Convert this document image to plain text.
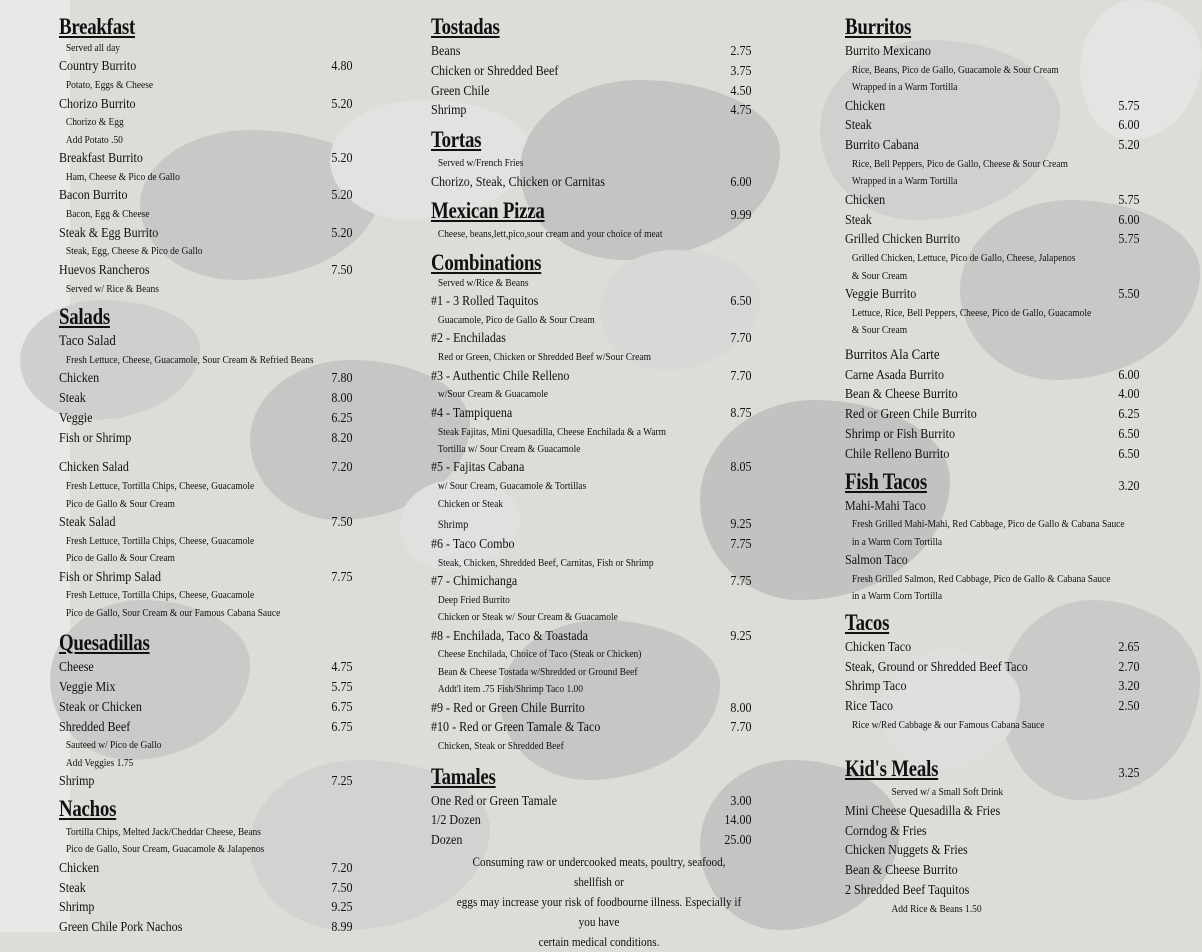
Breakfast
Served all day
Country Burrito	4.80
Potato, Eggs & Cheese
Chorizo Burrito	5.20
Chorizo & Egg
Add Potato .50
Breakfast Burrito	5.20
Ham, Cheese & Pico de Gallo
Bacon Burrito	5.20
Bacon, Egg & Cheese
Steak & Egg Burrito	5.20
Steak, Egg, Cheese & Pico de Gallo
Huevos Rancheros	7.50
Served w/ Rice & Beans
Salads
Taco Salad
Fresh Lettuce, Cheese, Guacamole, Sour Cream & Refried Beans
Chicken	7.80
Steak	8.00
Veggie	6.25
Fish or Shrimp	8.20
Chicken Salad	7.20
Fresh Lettuce, Tortilla Chips, Cheese, Guacamole
Pico de Gallo & Sour Cream
Steak Salad	7.50
Fresh Lettuce, Tortilla Chips, Cheese, Guacamole
Pico de Gallo & Sour Cream
Fish or Shrimp Salad	7.75
Fresh Lettuce, Tortilla Chips, Cheese, Guacamole
Pico de Gallo, Sour Cream & our Famous Cabana Sauce
Quesadillas
Cheese	4.75
Veggie Mix	5.75
Steak or Chicken	6.75
Shredded Beef	6.75
Sauteed w/ Pico de Gallo
Add Veggies 1.75
Shrimp	7.25
Nachos
Tortilla Chips, Melted Jack/Cheddar Cheese, Beans
Pico de Gallo, Sour Cream, Guacamole & Jalapenos
Chicken	7.20
Steak	7.50
Shrimp	9.25
Green Chile Pork Nachos	8.99
Tostadas
Beans	2.75
Chicken or Shredded Beef	3.75
Green Chile	4.50
Shrimp	4.75
Tortas
Served w/French Fries
Chorizo, Steak, Chicken or Carnitas	6.00
Mexican Pizza	9.99
Cheese, beans,lett,pico,sour cream and your choice of meat
Combinations
Served w/Rice & Beans
#1 - 3 Rolled Taquitos	6.50
Guacamole, Pico de Gallo & Sour Cream
#2 - Enchiladas	7.70
Red or Green, Chicken or Shredded Beef w/Sour Cream
#3 - Authentic Chile Relleno	7.70
w/Sour Cream & Guacamole
#4 - Tampiquena	8.75
Steak Fajitas, Mini Quesadilla, Cheese Enchilada & a Warm
Tortilla w/ Sour Cream & Guacamole
#5 - Fajitas Cabana	8.05
w/ Sour Cream, Guacamole & Tortillas
Chicken or Steak
Shrimp	9.25
#6 - Taco Combo	7.75
Steak, Chicken, Shredded Beef, Carnitas, Fish or Shrimp
#7 - Chimichanga	7.75
Deep Fried Burrito
Chicken or Steak w/ Sour Cream & Guacamole
#8 - Enchilada, Taco & Toastada	9.25
Cheese Enchilada, Choice of Taco (Steak or Chicken)
Bean & Cheese Tostada w/Shredded or Ground Beef
Addt'l item .75 Fish/Shrimp Taco 1.00
#9 - Red or Green Chile Burrito	8.00
#10 - Red or Green Tamale & Taco	7.70
Chicken, Steak or Shredded Beef
Tamales
One Red or Green Tamale	3.00
1/2 Dozen	14.00
Dozen	25.00
Consuming raw or undercooked meats, poultry, seafood, shellfish or
eggs may increase your risk of foodbourne illness. Especially if you have
certain medical conditions.
Burritos
Burrito Mexicano
Rice, Beans, Pico de Gallo, Guacamole & Sour Cream
Wrapped in a Warm Tortilla
Chicken	5.75
Steak	6.00
Burrito Cabana	5.20
Rice, Bell Peppers, Pico de Gallo, Cheese & Sour Cream
Wrapped in a Warm Tortilla
Chicken	5.75
Steak	6.00
Grilled Chicken Burrito	5.75
Grilled Chicken, Lettuce, Pico de Gallo, Cheese, Jalapenos
& Sour Cream
Veggie Burrito	5.50
Lettuce, Rice, Bell Peppers, Cheese, Pico de Gallo, Guacamole
& Sour Cream
Burritos Ala Carte
Carne Asada Burrito	6.00
Bean & Cheese Burrito	4.00
Red or Green Chile Burrito	6.25
Shrimp or Fish Burrito	6.50
Chile Relleno Burrito	6.50
Fish Tacos	3.20
Mahi-Mahi Taco
Fresh Grilled Mahi-Mahi, Red Cabbage, Pico de Gallo & Cabana Sauce
in a Warm Corn Tortilla
Salmon Taco
Fresh Grilled Salmon, Red Cabbage, Pico de Gallo & Cabana Sauce
in a Warm Corn Tortilla
Tacos
Chicken Taco	2.65
Steak, Ground or Shredded Beef Taco	2.70
Shrimp Taco	3.20
Rice Taco	2.50
Rice w/Red Cabbage & our Famous Cabana Sauce
Kid's Meals	3.25
Served w/ a Small Soft Drink
Mini Cheese Quesadilla & Fries
Corndog & Fries
Chicken Nuggets & Fries
Bean & Cheese Burrito
2 Shredded Beef Taquitos
Add Rice & Beans 1.50
